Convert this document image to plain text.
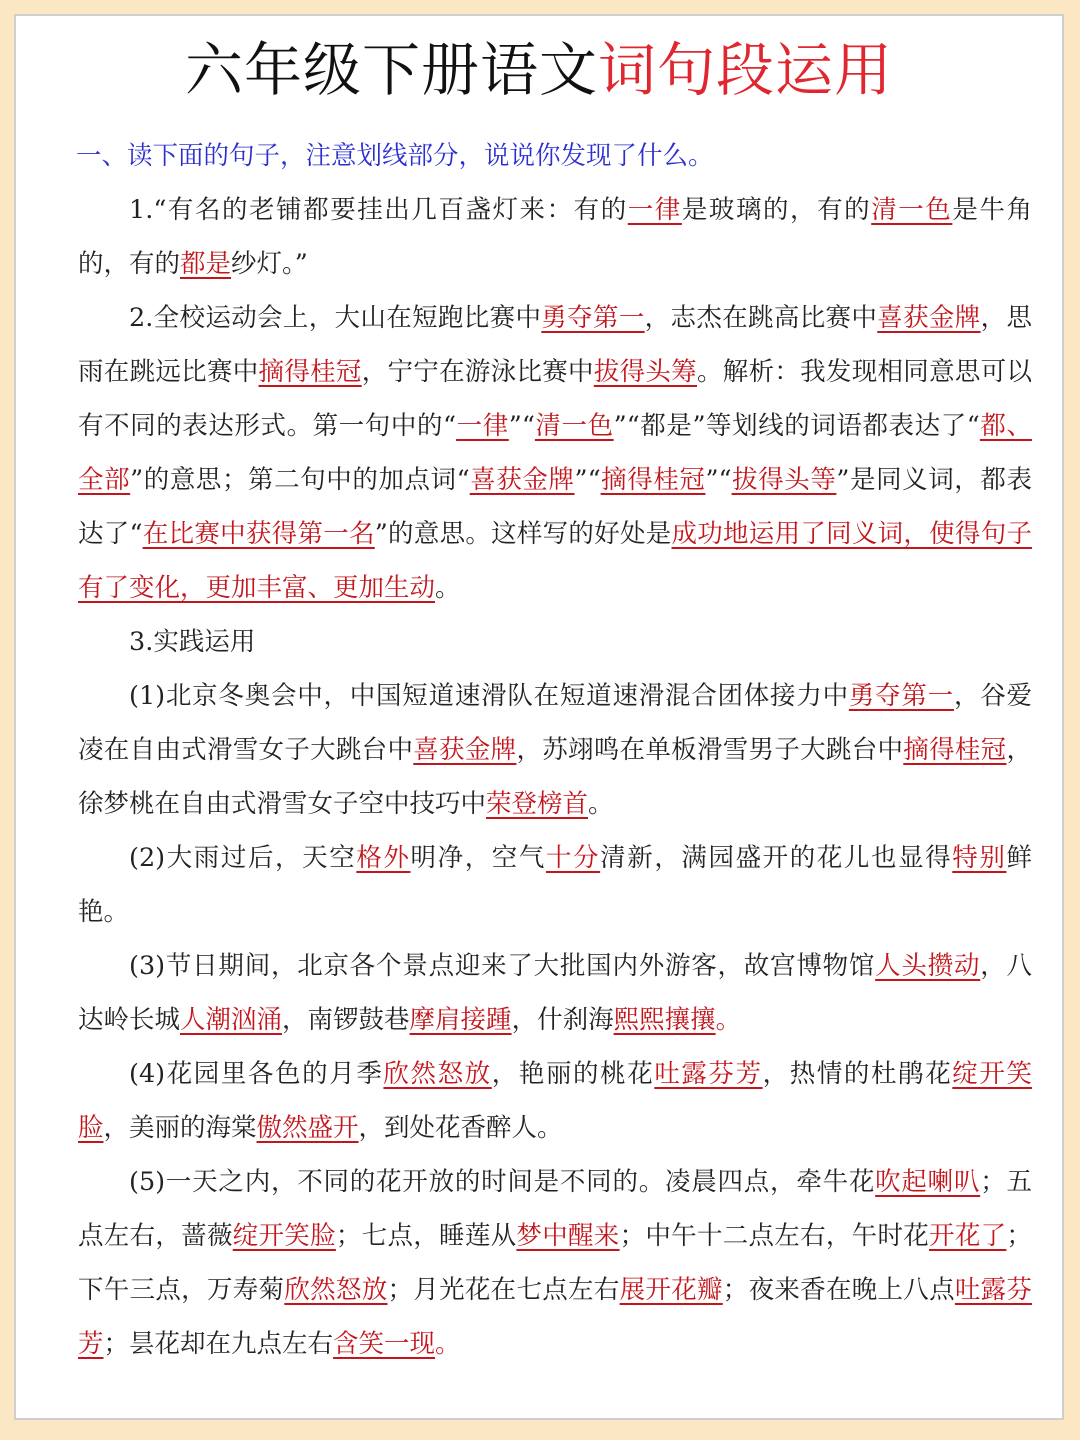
六年级下册语文词句段运用
一、读下面的句子，注意划线部分，说说你发现了什么。

1.“有名的老铺都要挂出几百盏灯来：有的一律是玻璃的，有的清一色是牛角的，有的都是纱灯。”

2.全校运动会上，大山在短跑比赛中勇夺第一，志杰在跳高比赛中喜获金牌，思雨在跳远比赛中摘得桂冠，宁宁在游泳比赛中拔得头筹。解析：我发现相同意思可以有不同的表达形式。第一句中的“一律”“清一色”“都是”等划线的词语都表达了“都、全部”的意思；第二句中的加点词“喜获金牌”“摘得桂冠”“拔得头等”是同义词，都表达了“在比赛中获得第一名”的意思。这样写的好处是成功地运用了同义词，使得句子有了变化，更加丰富、更加生动。

3.实践运用

(1)北京冬奥会中，中国短道速滑队在短道速滑混合团体接力中勇夺第一，谷爱凌在自由式滑雪女子大跳台中喜获金牌，苏翊鸣在单板滑雪男子大跳台中摘得桂冠，徐梦桃在自由式滑雪女子空中技巧中荣登榜首。

(2)大雨过后，天空格外明净，空气十分清新，满园盛开的花儿也显得特别鲜艳。

(3)节日期间，北京各个景点迎来了大批国内外游客，故宫博物馆人头攒动，八达岭长城人潮汹涌，南锣鼓巷摩肩接踵，什刹海熙熙攘攘。

(4)花园里各色的月季欣然怒放，艳丽的桃花吐露芬芳，热情的杜鹃花绽开笑脸，美丽的海棠傲然盛开，到处花香醉人。

(5)一天之内，不同的花开放的时间是不同的。凌晨四点，牵牛花吹起喇叭；五点左右，蔷薇绽开笑脸；七点，睡莲从梦中醒来；中午十二点左右，午时花开花了；下午三点，万寿菊欣然怒放；月光花在七点左右展开花瓣；夜来香在晚上八点吐露芬芳；昙花却在九点左右含笑一现。
